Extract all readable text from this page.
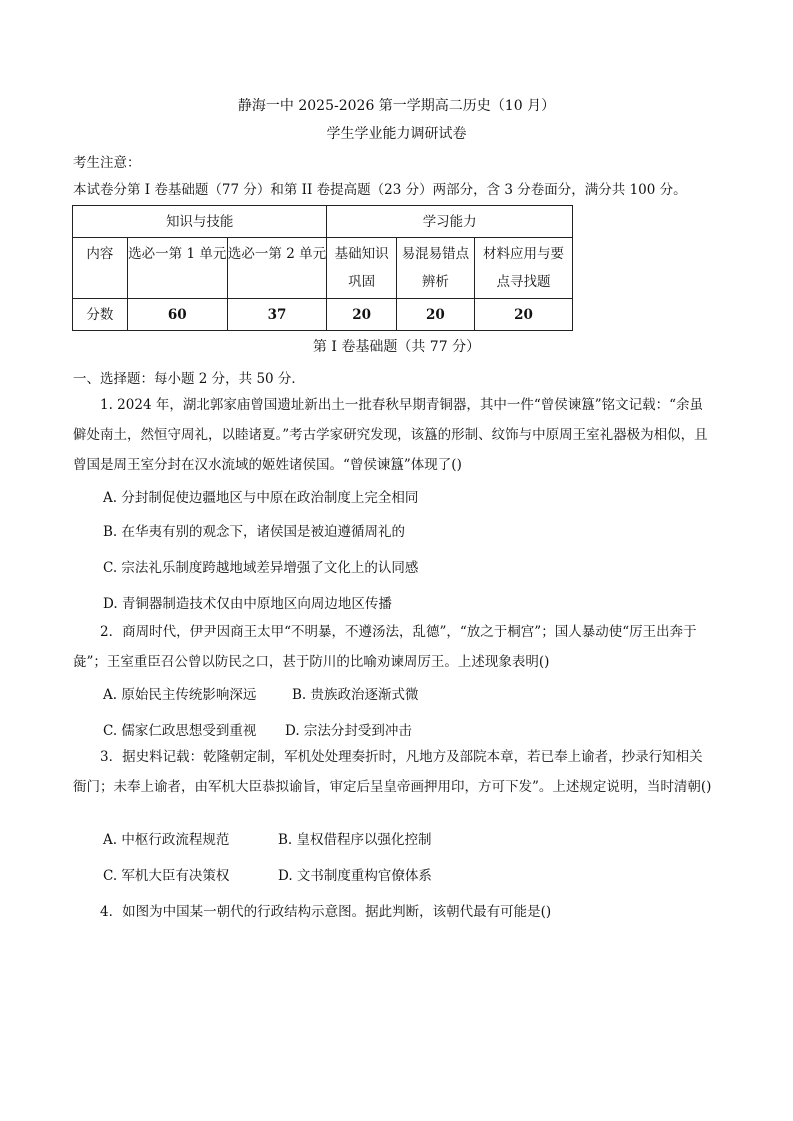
静海一中 2025-2026 第一学期高二历史（10 月）
学生学业能力调研试卷
考生注意：
本试卷分第 I 卷基础题（77 分）和第 II 卷提高题（23 分）两部分，含 3 分卷面分，满分共 100 分。
知识与技能			学习能力		
内容	选必一第 1 单元	选必一第 2 单元	基础知识巩固	易混易错点辨析	材料应用与要点寻找题
分数	60	37	20	20	20
第 I 卷基础题（共 77 分）
一、选择题：每小题 2 分，共 50 分．
1. 2024 年，湖北郭家庙曾国遗址新出土一批春秋早期青铜器，其中一件“曾侯谏簋”铭文记载：“余虽僻处南土，然恒守周礼，以睦诸夏。”考古学家研究发现，该簋的形制、纹饰与中原周王室礼器极为相似，且曾国是周王室分封在汉水流域的姬姓诸侯国。“曾侯谏簋”体现了()
A. 分封制促使边疆地区与中原在政治制度上完全相同
B. 在华夷有别的观念下，诸侯国是被迫遵循周礼的
C. 宗法礼乐制度跨越地域差异增强了文化上的认同感
D. 青铜器制造技术仅由中原地区向周边地区传播
2．商周时代，伊尹因商王太甲“不明暴，不遵汤法，乱德”，“放之于桐宫”；国人暴动使“厉王出奔于彘”；王室重臣召公曾以防民之口，甚于防川的比喻劝谏周厉王。上述现象表明()
A. 原始民主传统影响深远	B. 贵族政治逐渐式微
C. 儒家仁政思想受到重视 D. 宗法分封受到冲击
3．据史料记载：乾隆朝定制，军机处处理奏折时，凡地方及部院本章，若已奉上谕者，抄录行知相关衙门；未奉上谕者，由军机大臣恭拟谕旨，审定后呈皇帝画押用印，方可下发”。上述规定说明，当时清朝()
A. 中枢行政流程规范	B. 皇权借程序以强化控制
C. 军机大臣有决策权	D. 文书制度重构官僚体系
4．如图为中国某一朝代的行政结构示意图。据此判断，该朝代最有可能是()
